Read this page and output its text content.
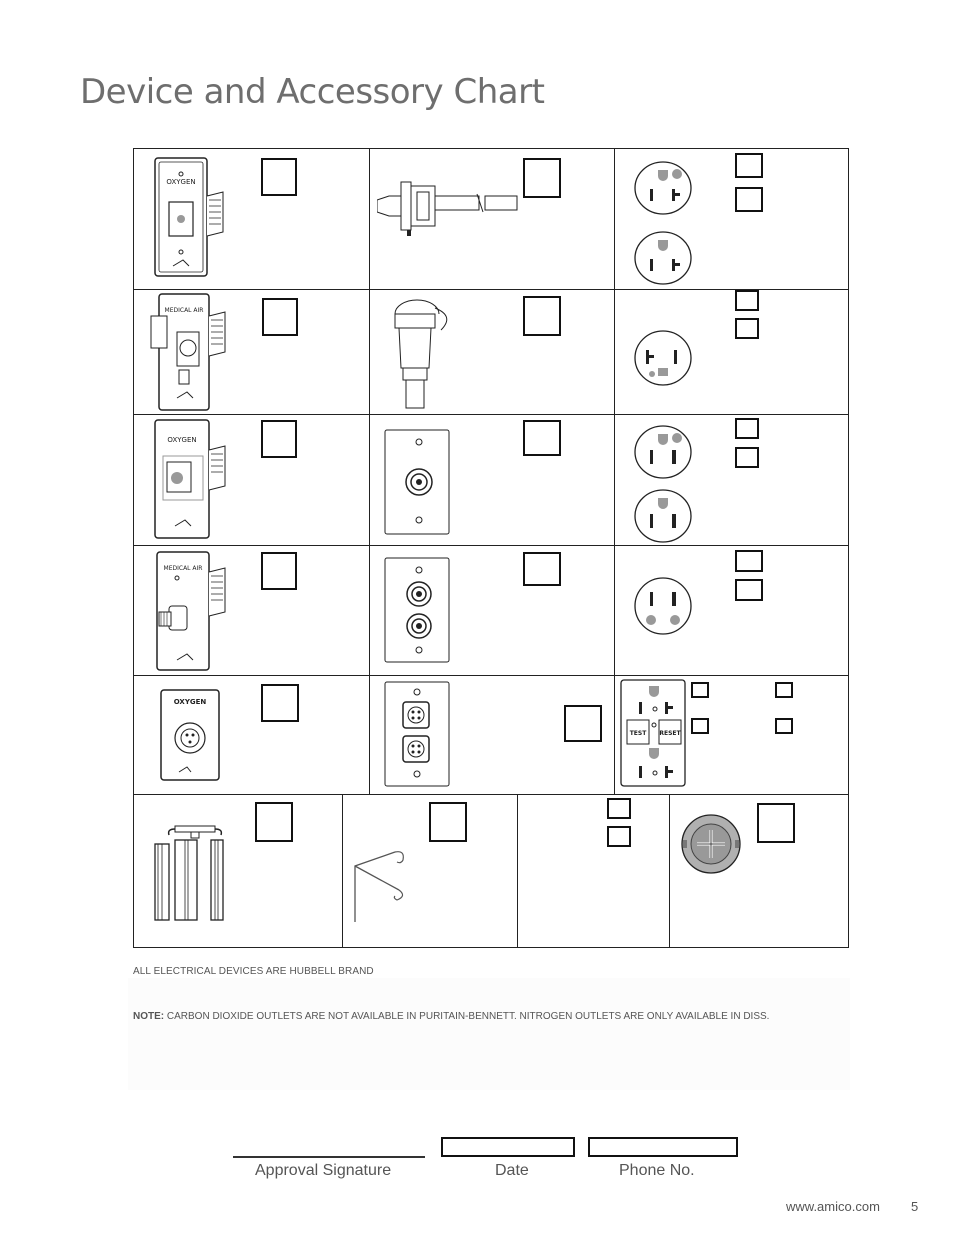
Device and Accessory Chart
OXYGEN
MEDICAL AIR
OXYGEN
MEDICAL AIR
OXYGEN
TEST RESET
ALL ELECTRICAL DEVICES ARE HUBBELL BRAND
NOTE: CARBON DIOXIDE OUTLETS ARE NOT AVAILABLE IN PURITAIN-BENNETT. NITROGEN OUTLETS ARE ONLY AVAILABLE IN DISS.
Approval Signature	Date	Phone No.
www.amico.com 5
